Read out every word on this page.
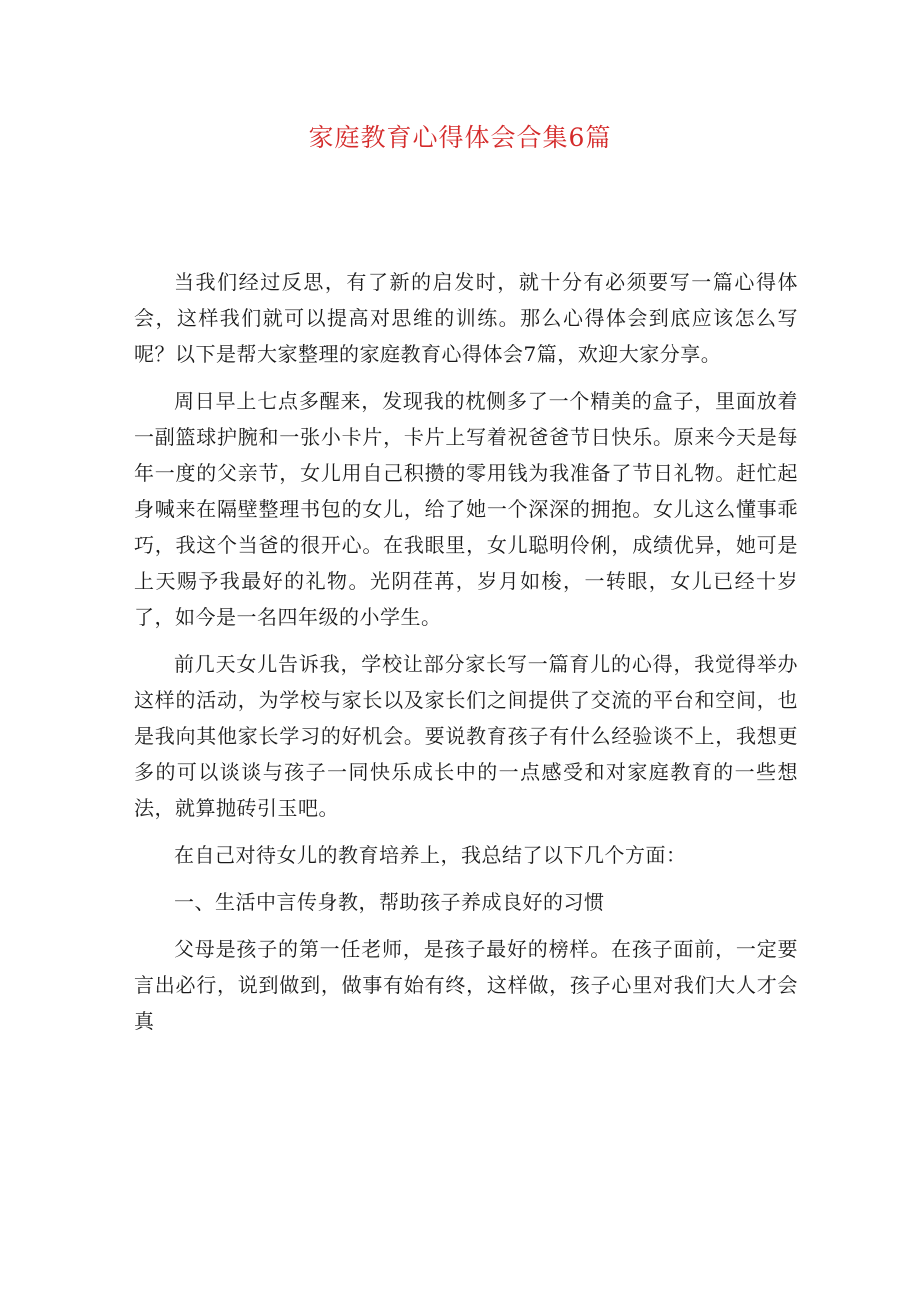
家庭教育心得体会合集6篇

当我们经过反思，有了新的启发时，就十分有必须要写一篇心得体会，这样我们就可以提高对思维的训练。那么心得体会到底应该怎么写呢？以下是帮大家整理的家庭教育心得体会7篇，欢迎大家分享。

周日早上七点多醒来，发现我的枕侧多了一个精美的盒子，里面放着一副篮球护腕和一张小卡片，卡片上写着祝爸爸节日快乐。原来今天是每年一度的父亲节，女儿用自己积攒的零用钱为我准备了节日礼物。赶忙起身喊来在隔壁整理书包的女儿，给了她一个深深的拥抱。女儿这么懂事乖巧，我这个当爸的很开心。在我眼里，女儿聪明伶俐，成绩优异，她可是上天赐予我最好的礼物。光阴荏苒，岁月如梭，一转眼，女儿已经十岁了，如今是一名四年级的小学生。

前几天女儿告诉我，学校让部分家长写一篇育儿的心得，我觉得举办这样的活动，为学校与家长以及家长们之间提供了交流的平台和空间，也是我向其他家长学习的好机会。要说教育孩子有什么经验谈不上，我想更多的可以谈谈与孩子一同快乐成长中的一点感受和对家庭教育的一些想法，就算抛砖引玉吧。

在自己对待女儿的教育培养上，我总结了以下几个方面：

一、生活中言传身教，帮助孩子养成良好的习惯

父母是孩子的第一任老师，是孩子最好的榜样。在孩子面前，一定要言出必行，说到做到，做事有始有终，这样做，孩子心里对我们大人才会真
